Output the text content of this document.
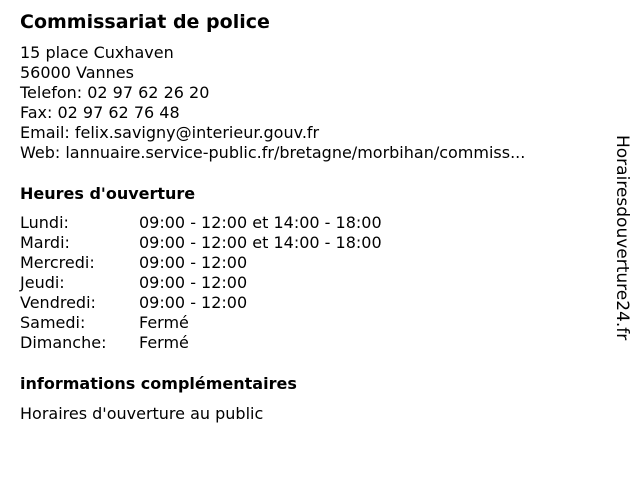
Commissariat de police
15 place Cuxhaven
56000 Vannes
Telefon: 02 97 62 26 20
Fax: 02 97 62 76 48
Email: felix.savigny@interieur.gouv.fr
Web: lannuaire.service-public.fr/bretagne/morbihan/commiss...
Heures d'ouverture
Lundi:	09:00 - 12:00 et 14:00 - 18:00
Mardi:	09:00 - 12:00 et 14:00 - 18:00
Mercredi:	09:00 - 12:00
Jeudi:	09:00 - 12:00
Vendredi:	09:00 - 12:00
Samedi:	Fermé
Dimanche: Fermé
informations complémentaires
Horaires d'ouverture au public
Horairesdouverture24.fr
